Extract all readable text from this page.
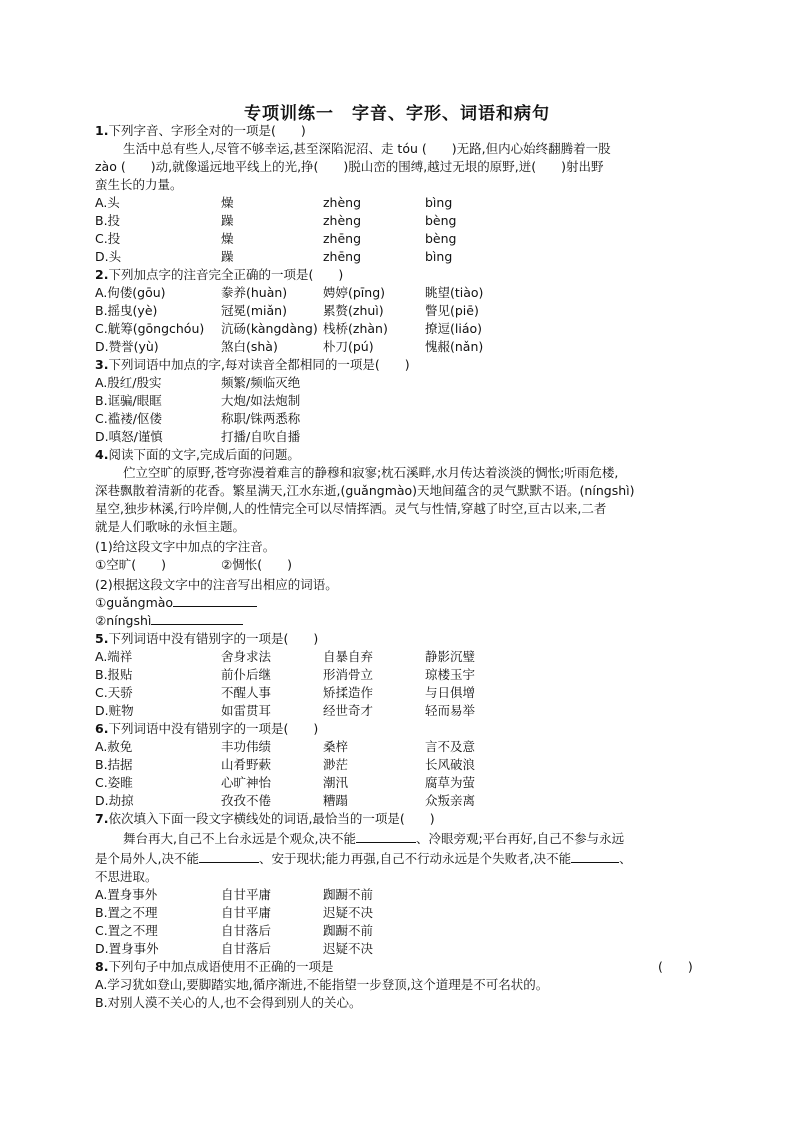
专项训练一　字音、字形、词语和病句
1.下列字音、字形全对的一项是(　　)
生活中总有些人,尽管不够幸运,甚至深陷泥沼、走 tóu (　　)无路,但内心始终翻腾着一股
zào (　　)动,就像遥远地平线上的光,挣(　　)脱山峦的围缚,越过无垠的原野,迸(　　)射出野
蛮生长的力量。
A.头	燥	zhèng	bìng
B.投	躁	zhèng	bèng
C.投	燥	zhēng	bèng
D.头	躁	zhēng	bìng
2.下列加点字的注音完全正确的一项是(　　)
A.佝偻(gōu)	豢养(huàn)	娉婷(pīng)	眺望(tiào)
B.摇曳(yè)	冠冕(miǎn)	累赘(zhuì)	瞥见(piē)
C.觥筹(gōngchóu) 沆砀(kàngdàng) 栈桥(zhàn)	撩逗(liáo)
D.赞誉(yù)	煞白(shà)	朴刀(pú)	愧赧(nǎn)
3.下列词语中加点的字,每对读音全都相同的一项是(　　)
A.殷红/殷实	频繁/频临灭绝
B.诓骗/眼眶	大炮/如法炮制
C.褴褛/伛偻	称职/铢两悉称
D.嗔怒/谨慎	打播/自吹自播
4.阅读下面的文字,完成后面的问题。
伫立空旷的原野,苍穹弥漫着难言的静穆和寂寥;枕石溪畔,水月传达着淡淡的惆怅;听雨危楼,
深巷飘散着清新的花香。繁星满天,江水东逝,(guǎngmào)天地间蕴含的灵气默默不语。(níngshì)
星空,独步林溪,行吟岸侧,人的性情完全可以尽情挥洒。灵气与性情,穿越了时空,亘古以来,二者
就是人们歌咏的永恒主题。
(1)给这段文字中加点的字注音。
①空旷(　　)	②惆怅(　　)
(2)根据这段文字中的注音写出相应的词语。
①guǎngmào
②níngshì
5.下列词语中没有错别字的一项是(　　)
A.端祥	舍身求法	自暴自弃	静影沉璧
B.报贴	前仆后继	形消骨立	琼楼玉宇
C.天骄	不醒人事	矫揉造作	与日俱增
D.赃物	如雷贯耳	经世奇才	轻而易举
6.下列词语中没有错别字的一项是(　　)
A.赦免	丰功伟绩	桑梓	言不及意
B.拮据	山肴野蔌	渺茫	长风破浪
C.姿睢	心旷神怡	潮汛	腐草为萤
D.劫掠	孜孜不倦	糟蹋	众叛亲离
7.依次填入下面一段文字横线处的词语,最恰当的一项是(　　)
舞台再大,自己不上台永远是个观众,决不能	、冷眼旁观;平台再好,自己不参与永远
是个局外人,决不能	、安于现状;能力再强,自己不行动永远是个失败者,决不能	、
不思进取。
A.置身事外	自甘平庸	踟蹰不前
B.置之不理	自甘平庸	迟疑不决
C.置之不理	自甘落后	踟蹰不前
D.置身事外	自甘落后	迟疑不决
8.下列句子中加点成语使用不正确的一项是	(　　)
A.学习犹如登山,要脚踏实地,循序渐进,不能指望一步登顶,这个道理是不可名状的。
B.对别人漠不关心的人,也不会得到别人的关心。
